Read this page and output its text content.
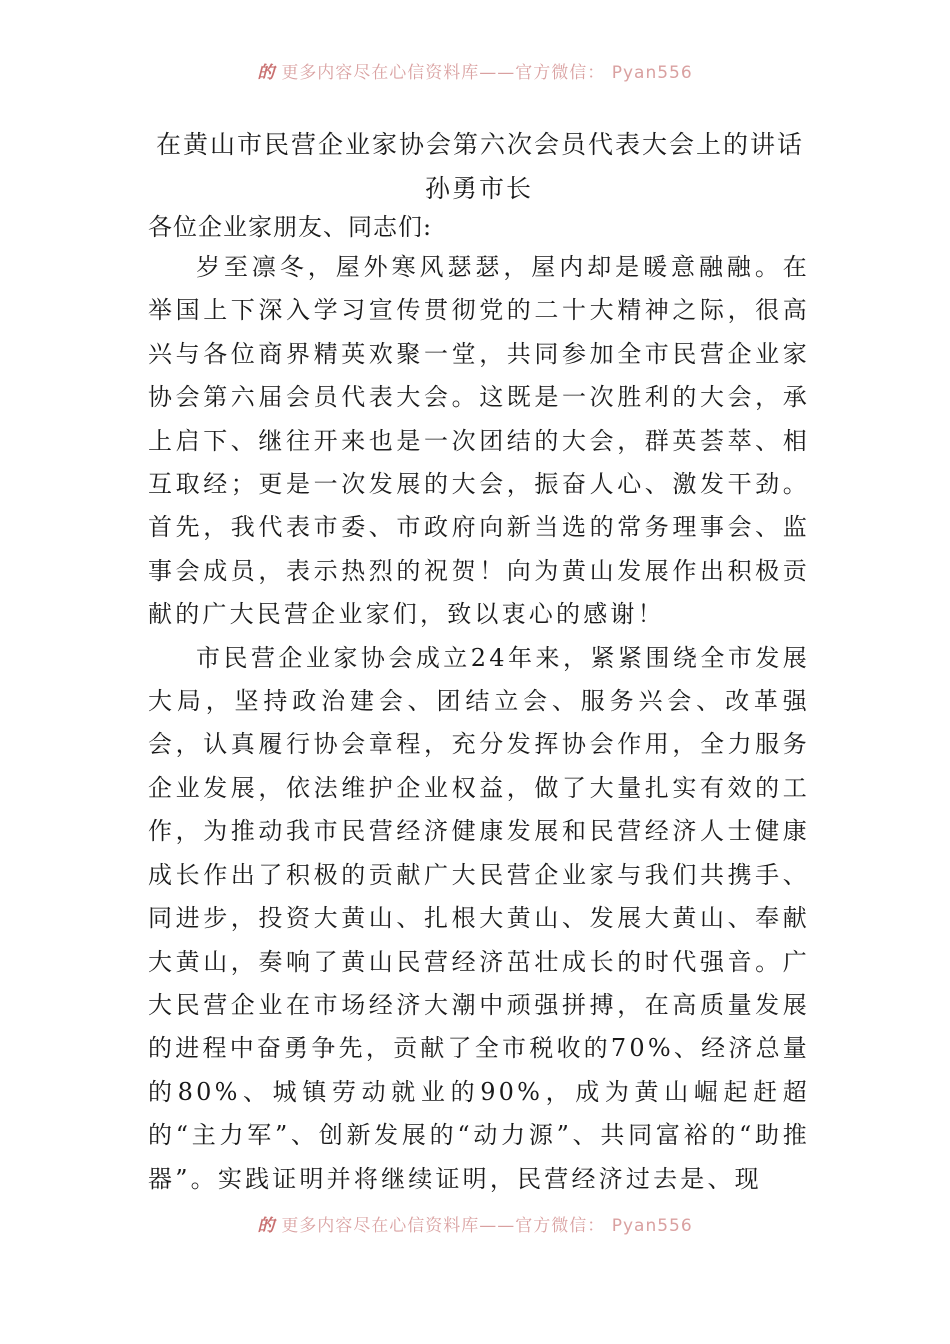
的 更多内容尽在心信资料库——官方微信： Pyan556
在黄山市民营企业家协会第六次会员代表大会上的讲话

孙勇市长

各位企业家朋友、同志们:

岁至凛冬，屋外寒风瑟瑟，屋内却是暖意融融。在举国上下深入学习宣传贯彻党的二十大精神之际，很高兴与各位商界精英欢聚一堂，共同参加全市民营企业家协会第六届会员代表大会。这既是一次胜利的大会，承上启下、继往开来也是一次团结的大会，群英荟萃、相互取经；更是一次发展的大会，振奋人心、激发干劲。首先，我代表市委、市政府向新当选的常务理事会、监事会成员，表示热烈的祝贺！向为黄山发展作出积极贡献的广大民营企业家们，致以衷心的感谢！

市民营企业家协会成立24年来，紧紧围绕全市发展大局，坚持政治建会、团结立会、服务兴会、改革强会，认真履行协会章程，充分发挥协会作用，全力服务企业发展，依法维护企业权益，做了大量扎实有效的工作，为推动我市民营经济健康发展和民营经济人士健康成长作出了积极的贡献广大民营企业家与我们共携手、同进步，投资大黄山、扎根大黄山、发展大黄山、奉献大黄山，奏响了黄山民营经济茁壮成长的时代强音。广大民营企业在市场经济大潮中顽强拼搏，在高质量发展的进程中奋勇争先，贡献了全市税收的70%、经济总量的80%、城镇劳动就业的90%，成为黄山崛起赶超的“主力军”、创新发展的“动力源”、共同富裕的“助推器”。实践证明并将继续证明，民营经济过去是、现

的 更多内容尽在心信资料库——官方微信： Pyan556
